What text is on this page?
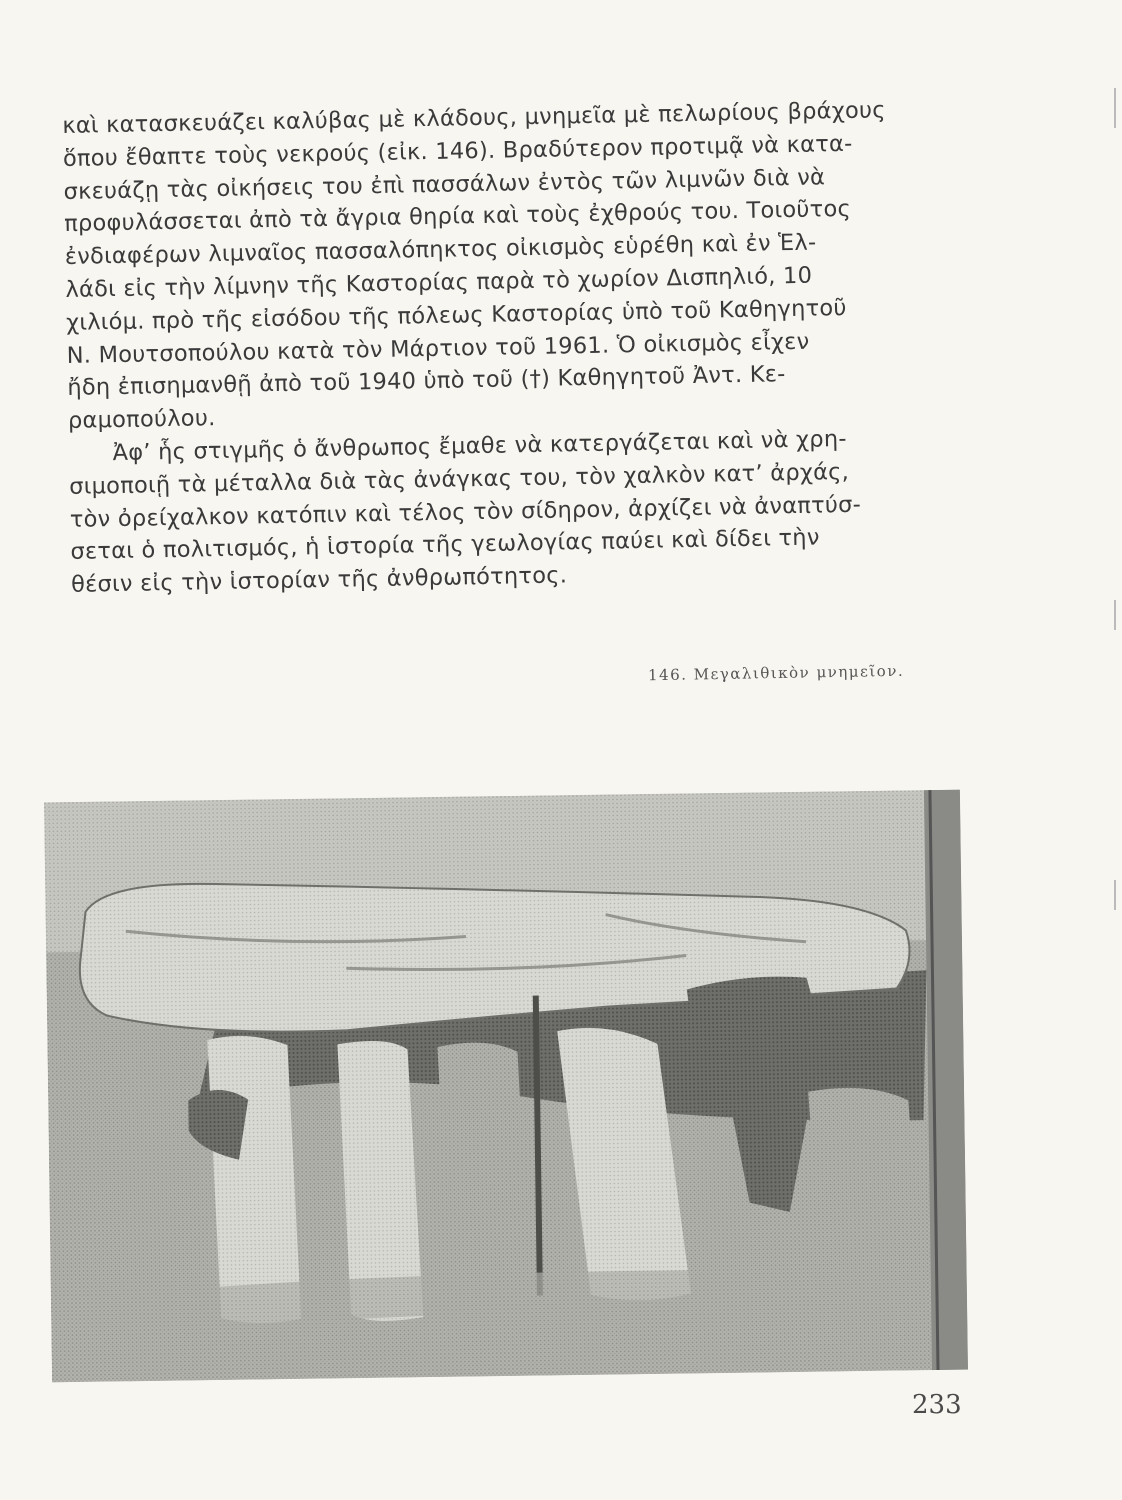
καὶ κατασκευάζει καλύβας μὲ κλάδους, μνημεῖα μὲ πελωρίους βράχους
ὅπου ἔθαπτε τοὺς νεκρούς (εἰκ. 146). Βραδύτερον προτιμᾷ νὰ κατα-
σκευάζῃ τὰς οἰκήσεις του ἐπὶ πασσάλων ἐντὸς τῶν λιμνῶν διὰ νὰ
προφυλάσσεται ἀπὸ τὰ ἄγρια θηρία καὶ τοὺς ἐχθρούς του. Τοιοῦτος
ἐνδιαφέρων λιμναῖος πασσαλόπηκτος οἰκισμὸς εὑρέθη καὶ ἐν Ἑλ-
λάδι εἰς τὴν λίμνην τῆς Καστορίας παρὰ τὸ χωρίον Δισπηλιό, 10
χιλιόμ. πρὸ τῆς εἰσόδου τῆς πόλεως Καστορίας ὑπὸ τοῦ Καθηγητοῦ
Ν. Μουτσοπούλου κατὰ τὸν Μάρτιον τοῦ 1961. Ὁ οἰκισμὸς εἶχεν
ἤδη ἐπισημανθῇ ἀπὸ τοῦ 1940 ὑπὸ τοῦ (†) Καθηγητοῦ Ἀντ. Κε-
ραμοπούλου.
Ἀφ’ ἧς στιγμῆς ὁ ἄνθρωπος ἔμαθε νὰ κατεργάζεται καὶ νὰ χρη-
σιμοποιῇ τὰ μέταλλα διὰ τὰς ἀνάγκας του, τὸν χαλκὸν κατ’ ἀρχάς,
τὸν ὀρείχαλκον κατόπιν καὶ τέλος τὸν σίδηρον, ἀρχίζει νὰ ἀναπτύσ-
σεται ὁ πολιτισμός, ἡ ἱστορία τῆς γεωλογίας παύει καὶ δίδει τὴν
θέσιν εἰς τὴν ἱστορίαν τῆς ἀνθρωπότητος.
146. Μεγαλιθικὸν μνημεῖον.
233
